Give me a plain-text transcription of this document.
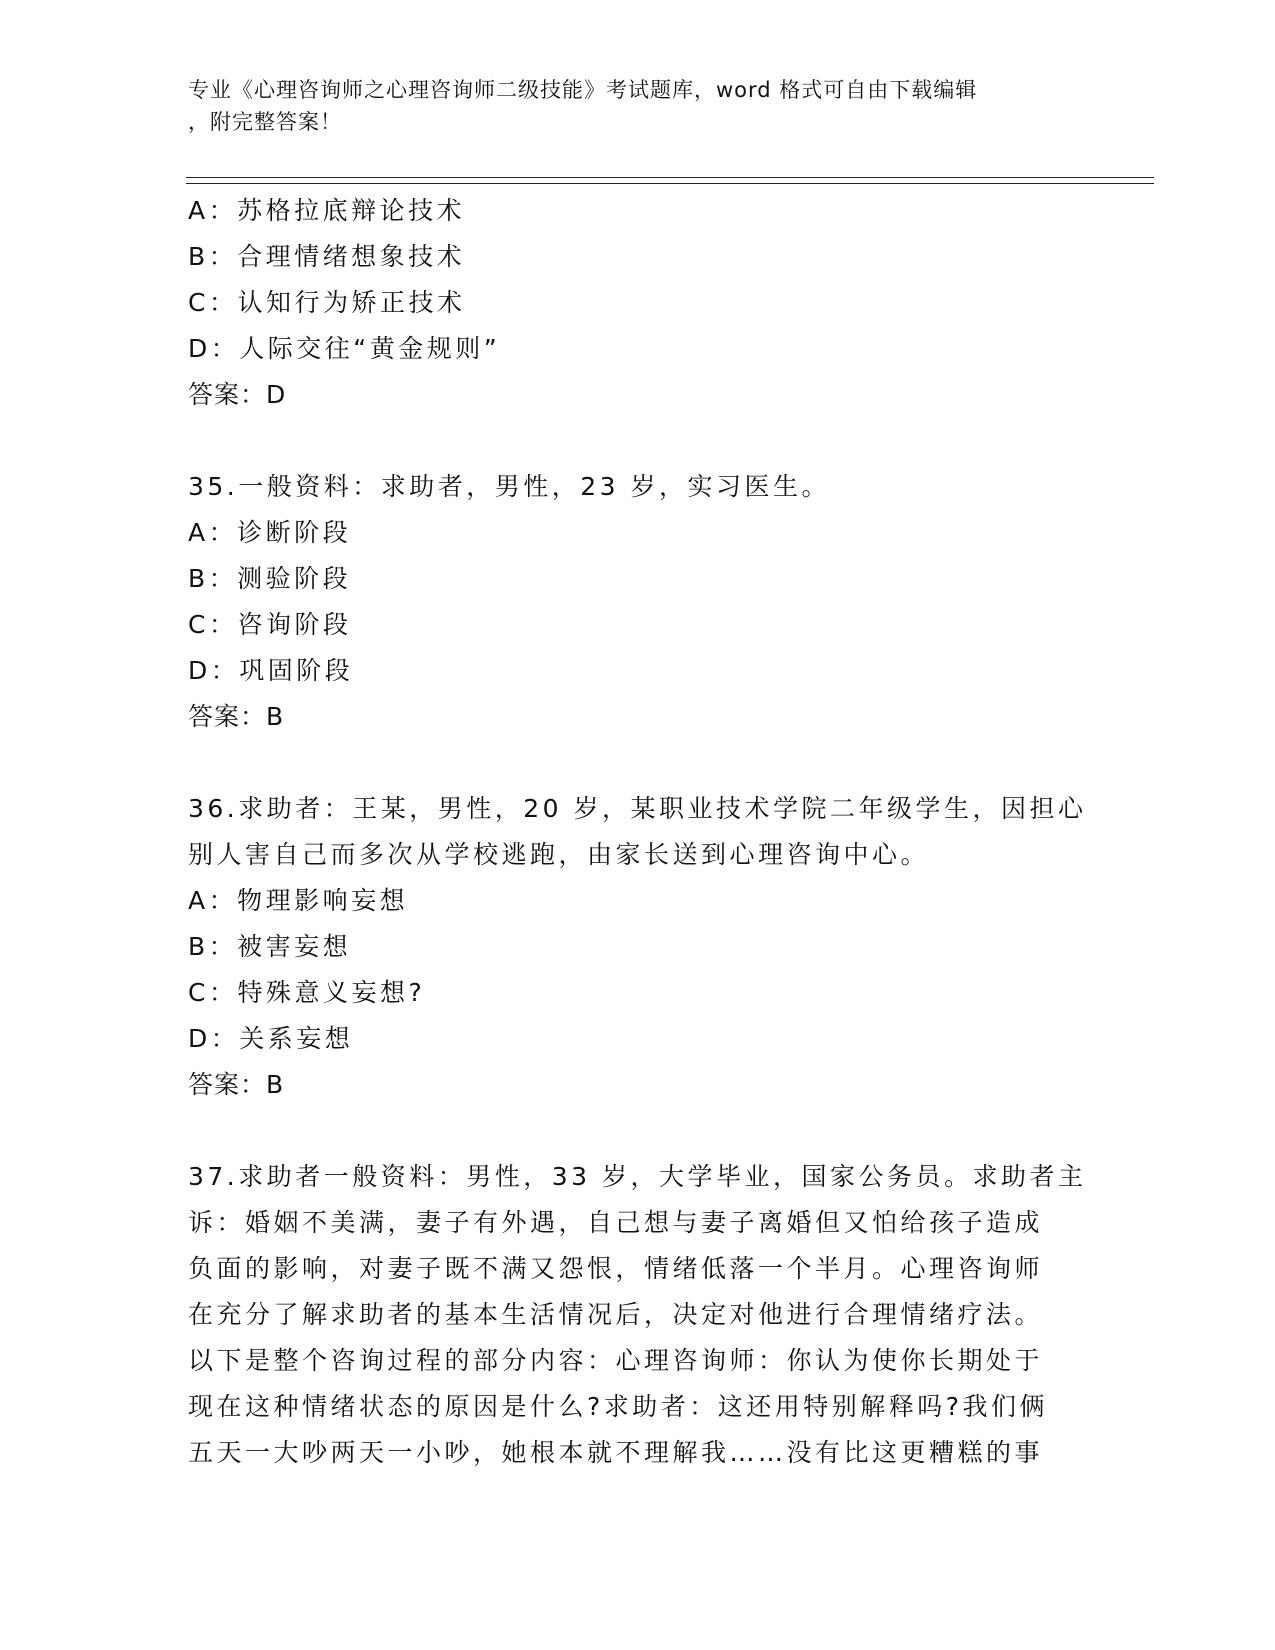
专业《心理咨询师之心理咨询师二级技能》考试题库，word 格式可自由下载编辑
，附完整答案！
A：苏格拉底辩论技术
B：合理情绪想象技术
C：认知行为矫正技术
D：人际交往“黄金规则”
答案：D
35.一般资料：求助者，男性，23 岁，实习医生。
A：诊断阶段
B：测验阶段
C：咨询阶段
D：巩固阶段
答案：B
36.求助者：王某，男性，20 岁，某职业技术学院二年级学生，因担心
别人害自己而多次从学校逃跑，由家长送到心理咨询中心。
A：物理影响妄想
B：被害妄想
C：特殊意义妄想?
D：关系妄想
答案：B
37.求助者一般资料：男性，33 岁，大学毕业，国家公务员。求助者主
诉：婚姻不美满，妻子有外遇，自己想与妻子离婚但又怕给孩子造成
负面的影响，对妻子既不满又怨恨，情绪低落一个半月。心理咨询师
在充分了解求助者的基本生活情况后，决定对他进行合理情绪疗法。
以下是整个咨询过程的部分内容：心理咨询师：你认为使你长期处于
现在这种情绪状态的原因是什么?求助者：这还用特别解释吗?我们俩
五天一大吵两天一小吵，她根本就不理解我……没有比这更糟糕的事
